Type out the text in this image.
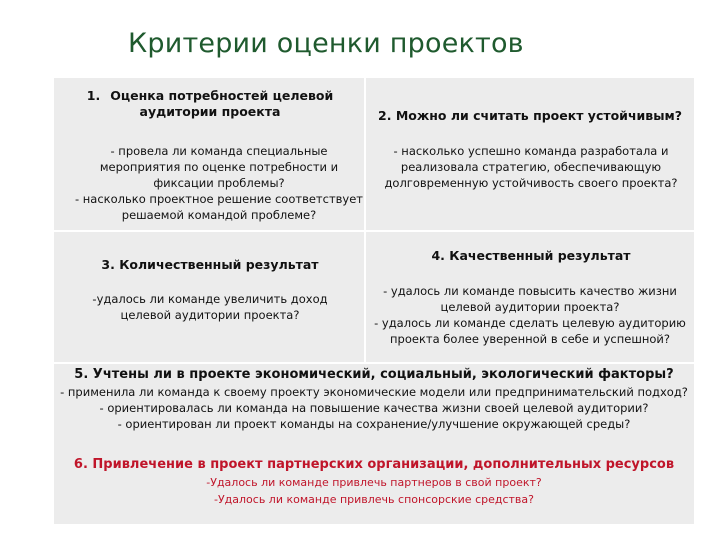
Критерии оценки проектов
1. Оценка потребностей целевой
аудитории проекта
- провела ли команда специальные
мероприятия по оценке потребности и
фиксации проблемы?
- насколько проектное решение соответствует
решаемой командой проблеме?
2. Можно ли считать проект устойчивым?
- насколько успешно команда разработала и
реализовала стратегию, обеспечивающую
долговременную устойчивость своего проекта?
3. Количественный результат
-удалось ли команде увеличить доход
целевой аудитории проекта?
4. Качественный результат
- удалось ли команде повысить качество жизни
целевой аудитории проекта?
- удалось ли команде сделать целевую аудиторию
проекта более уверенной в себе и успешной?
5. Учтены ли в проекте экономический, социальный, экологический факторы?
- применила ли команда к своему проекту экономические модели или предпринимательский подход?
- ориентировалась ли команда на повышение качества жизни своей целевой аудитории?
- ориентирован ли проект команды на сохранение/улучшение окружающей среды?
6. Привлечение в проект партнерских организации, дополнительных ресурсов
-Удалось ли команде привлечь партнеров в свой проект?
-Удалось ли команде привлечь спонсорские средства?
